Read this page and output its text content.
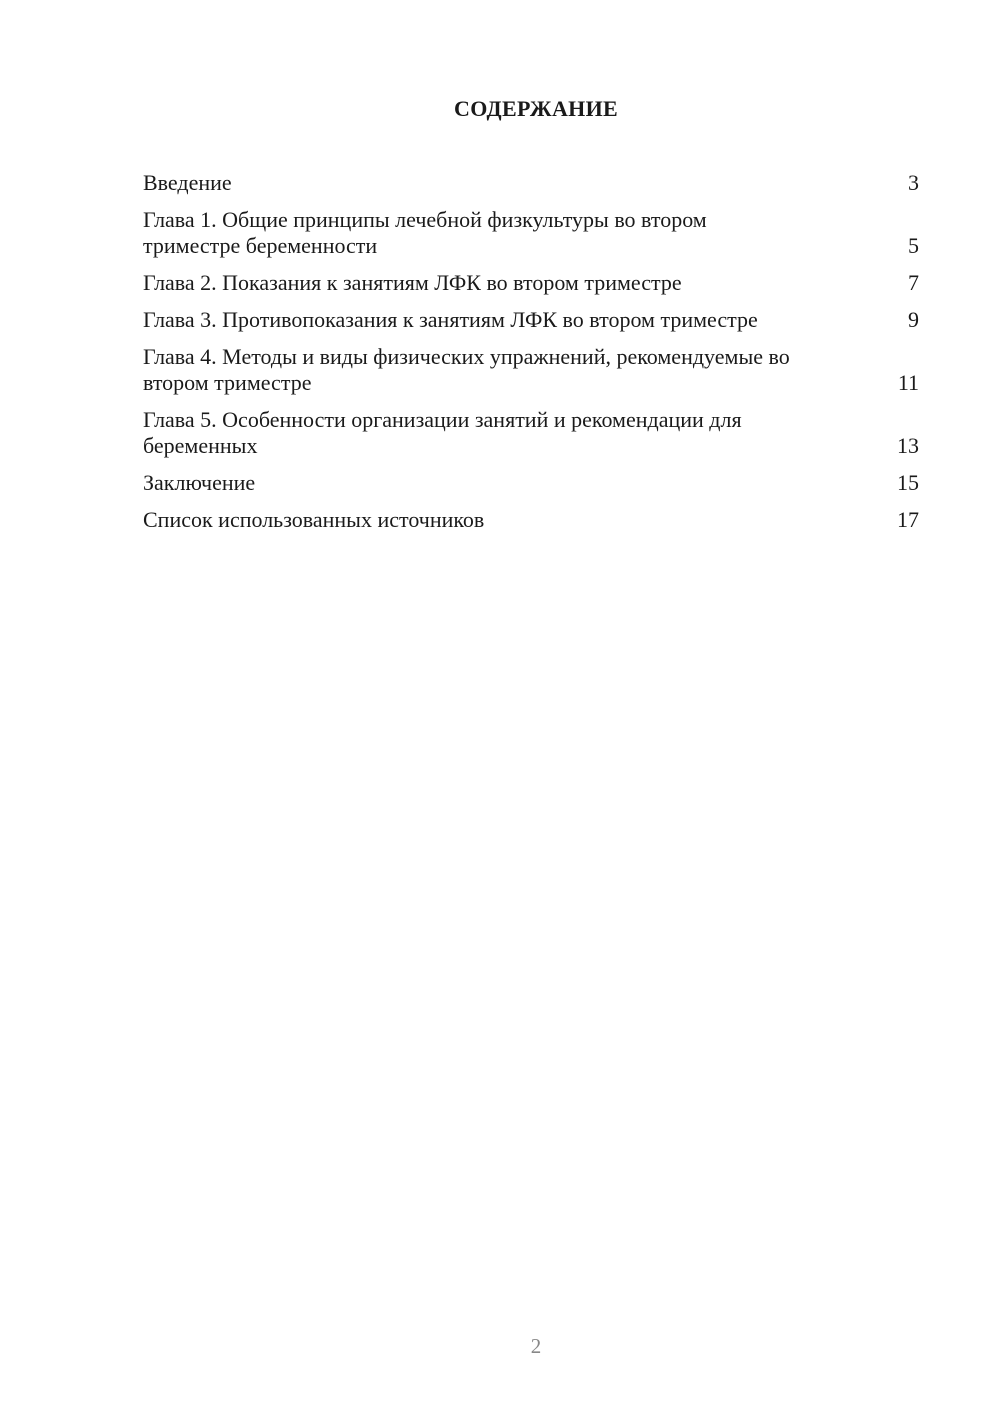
СОДЕРЖАНИЕ
Введение	3
Глава 1. Общие принципы лечебной физкультуры во втором триместре беременности	5
Глава 2. Показания к занятиям ЛФК во втором триместре	7
Глава 3. Противопоказания к занятиям ЛФК во втором триместре	9
Глава 4. Методы и виды физических упражнений, рекомендуемые во втором триместре	11
Глава 5. Особенности организации занятий и рекомендации для беременных	13
Заключение	15
Список использованных источников	17
2
